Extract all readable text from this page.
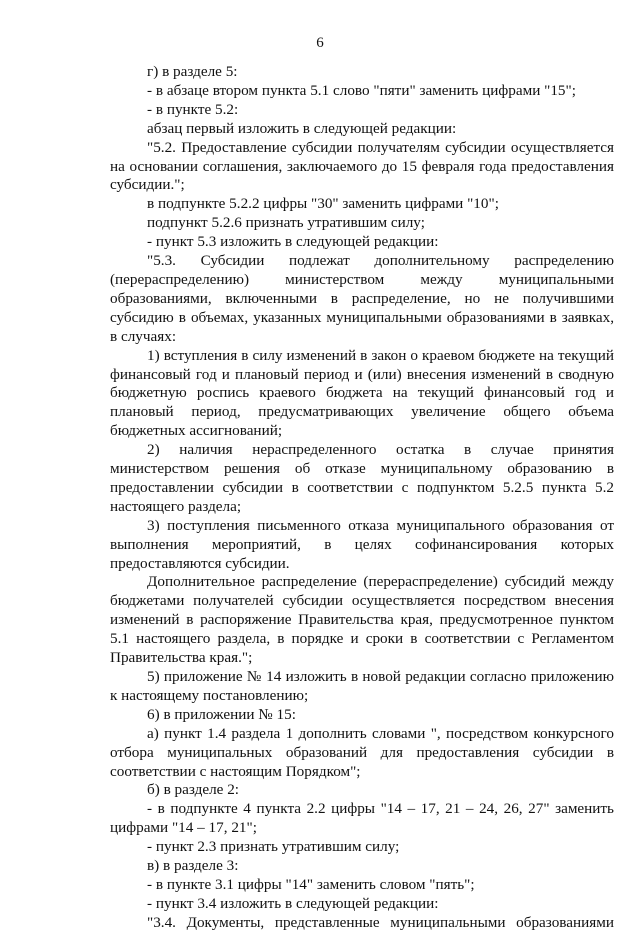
6

г) в разделе 5:

- в абзаце втором пункта 5.1 слово "пяти" заменить цифрами "15";

- в пункте 5.2:

абзац первый изложить в следующей редакции:

"5.2. Предоставление субсидии получателям субсидии осуществляется на основании соглашения, заключаемого до 15 февраля года предоставления субсидии.";

в подпункте 5.2.2 цифры "30" заменить цифрами "10";

подпункт 5.2.6 признать утратившим силу;

- пункт 5.3 изложить в следующей редакции:

"5.3. Субсидии подлежат дополнительному распределению (перераспределению) министерством между муниципальными образованиями, включенными в распределение, но не получившими субсидию в объемах, указанных муниципальными образованиями в заявках, в случаях:

1) вступления в силу изменений в закон о краевом бюджете на текущий финансовый год и плановый период и (или) внесения изменений в сводную бюджетную роспись краевого бюджета на текущий финансовый год и плановый период, предусматривающих увеличение общего объема бюджетных ассигнований;

2) наличия нераспределенного остатка в случае принятия министерством решения об отказе муниципальному образованию в предоставлении субсидии в соответствии с подпунктом 5.2.5 пункта 5.2 настоящего раздела;

3) поступления письменного отказа муниципального образования от выполнения мероприятий, в целях софинансирования которых предоставляются субсидии.

Дополнительное распределение (перераспределение) субсидий между бюджетами получателей субсидии осуществляется посредством внесения изменений в распоряжение Правительства края, предусмотренное пунктом 5.1 настоящего раздела, в порядке и сроки в соответствии с Регламентом Правительства края.";

5) приложение № 14 изложить в новой редакции согласно приложению к настоящему постановлению;

6) в приложении № 15:

а) пункт 1.4 раздела 1 дополнить словами ", посредством конкурсного отбора муниципальных образований для предоставления субсидии в соответствии с настоящим Порядком";

б) в разделе 2:

- в подпункте 4 пункта 2.2 цифры "14 – 17, 21 – 24, 26, 27" заменить цифрами "14 – 17, 21";

- пункт 2.3 признать утратившим силу;

в) в разделе 3:

- в пункте 3.1 цифры "14" заменить словом "пять";

- пункт 3.4 изложить в следующей редакции:

"3.4. Документы, представленные муниципальными образованиями
